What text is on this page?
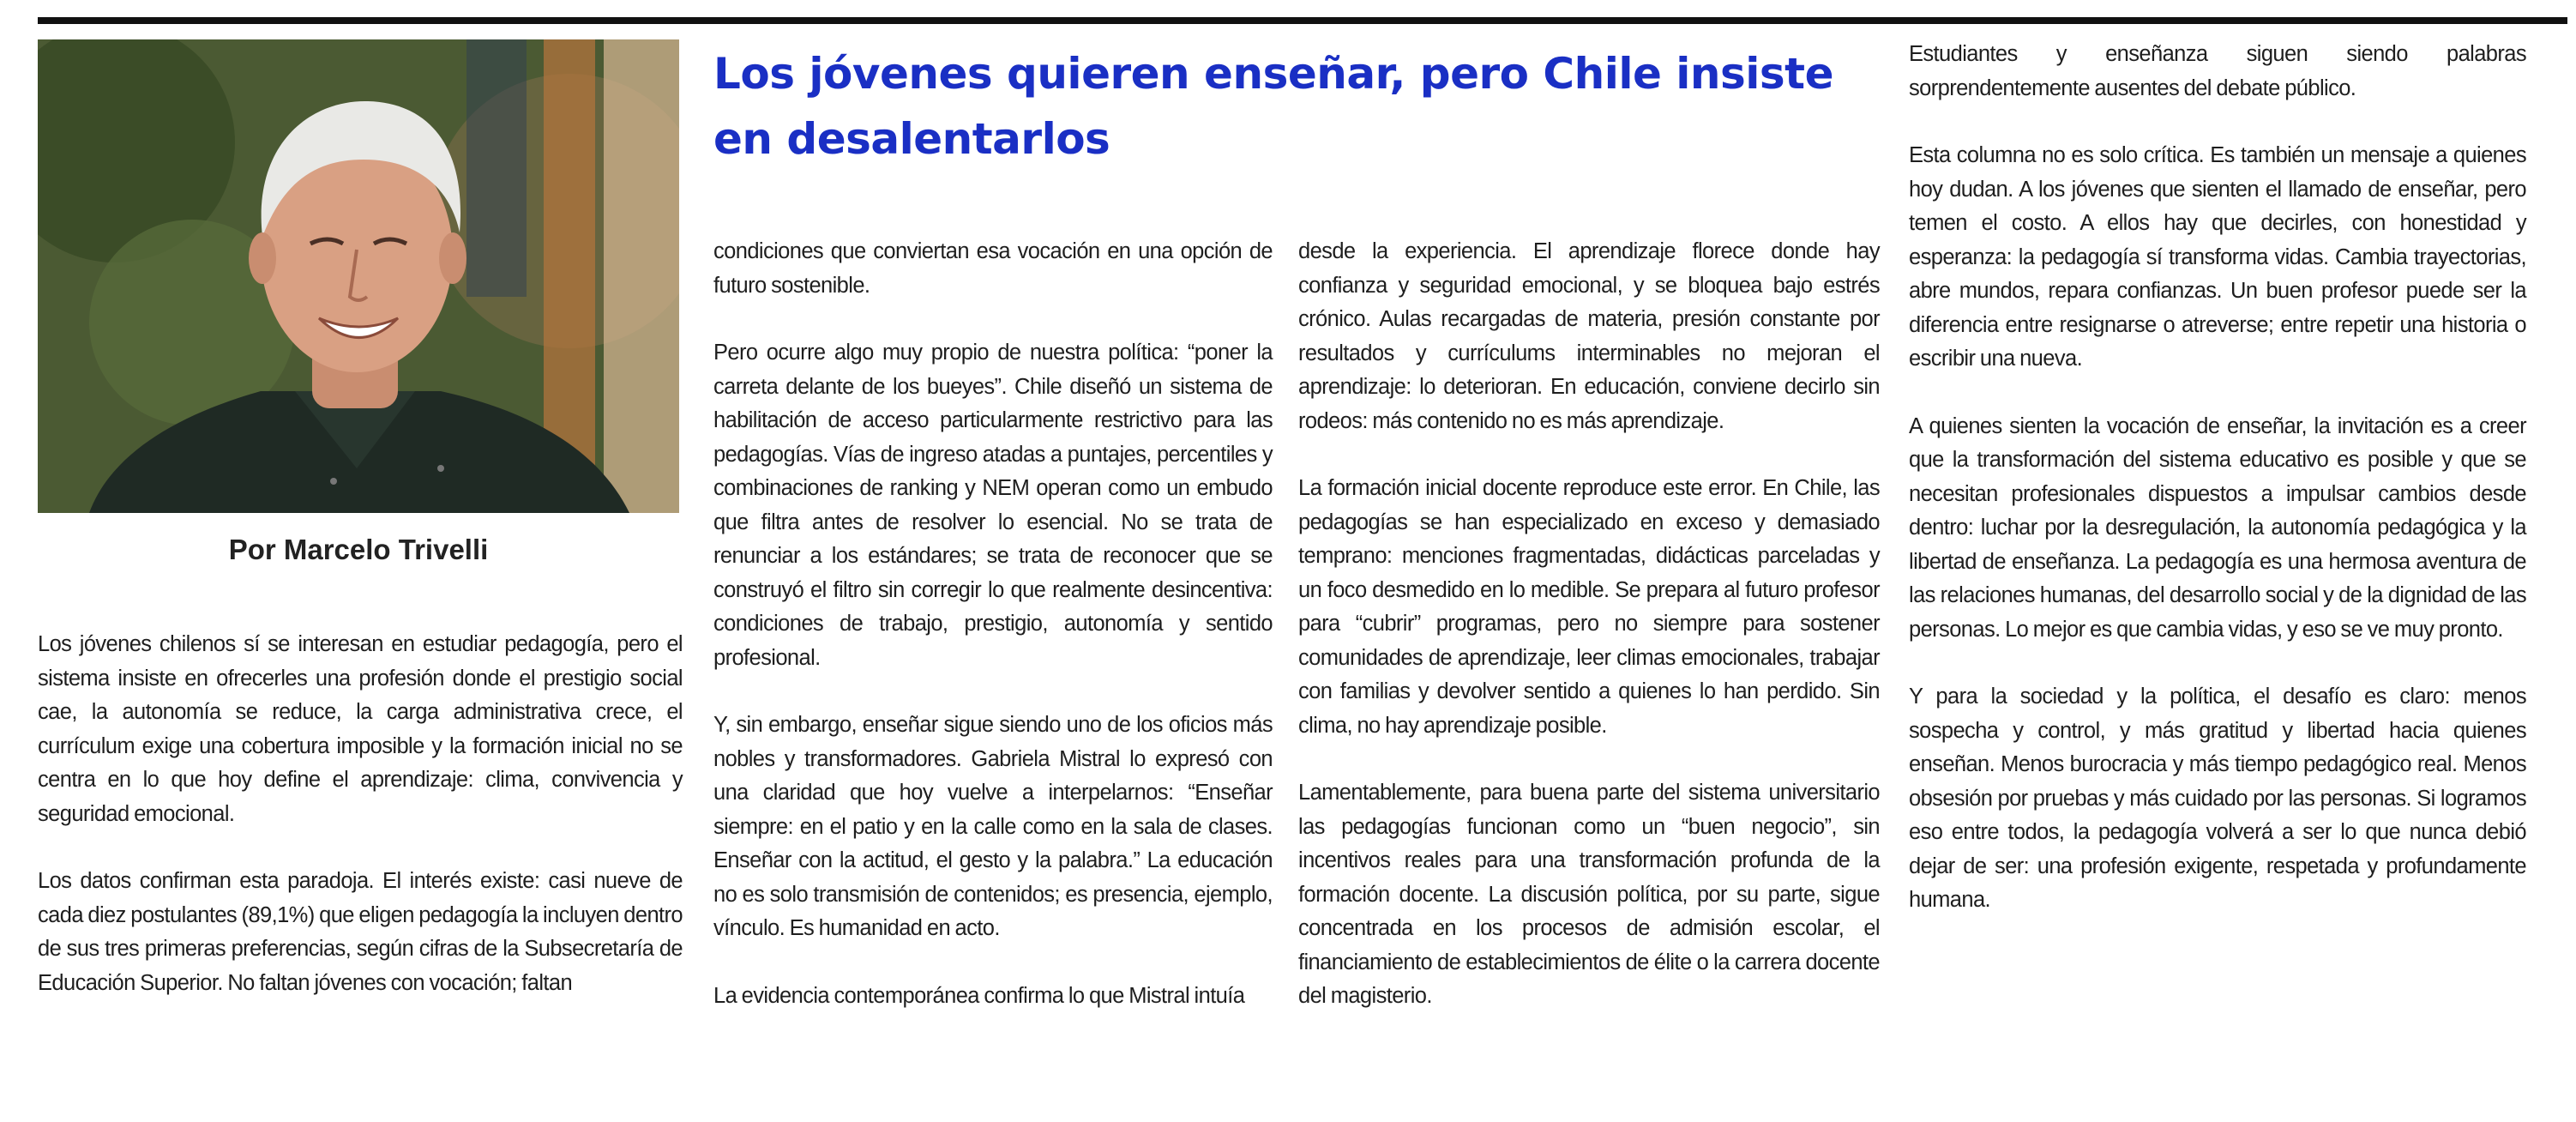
Por Marcelo Trivelli
Los jóvenes quieren enseñar, pero Chile insiste en desalentarlos

Los jóvenes chilenos sí se interesan en estudiar pedagogía, pero el sistema insiste en ofrecerles una profesión donde el prestigio social cae, la autonomía se reduce, la carga administrativa crece, el currículum exige una cobertura imposible y la formación inicial no se centra en lo que hoy define el aprendizaje: clima, convivencia y seguridad emocional.

Los datos confirman esta paradoja. El interés existe: casi nueve de cada diez postulantes (89,1%) que eligen pedagogía la incluyen dentro de sus tres primeras preferencias, según cifras de la Subsecretaría de Educación Superior. No faltan jóvenes con vocación; faltan

condiciones que conviertan esa vocación en una opción de futuro sostenible.

Pero ocurre algo muy propio de nuestra política: “poner la carreta delante de los bueyes”. Chile diseñó un sistema de habilitación de acceso particularmente restrictivo para las pedagogías. Vías de ingreso atadas a puntajes, percentiles y combinaciones de ranking y NEM operan como un embudo que filtra antes de resolver lo esencial. No se trata de renunciar a los estándares; se trata de reconocer que se construyó el filtro sin corregir lo que realmente desincentiva: condiciones de trabajo, prestigio, autonomía y sentido profesional.

Y, sin embargo, enseñar sigue siendo uno de los oficios más nobles y transformadores. Gabriela Mistral lo expresó con una claridad que hoy vuelve a interpelarnos: “Enseñar siempre: en el patio y en la calle como en la sala de clases. Enseñar con la actitud, el gesto y la palabra.” La educación no es solo transmisión de contenidos; es presencia, ejemplo, vínculo. Es humanidad en acto.

La evidencia contemporánea confirma lo que Mistral intuía

desde la experiencia. El aprendizaje florece donde hay confianza y seguridad emocional, y se bloquea bajo estrés crónico. Aulas recargadas de materia, presión constante por resultados y currículums interminables no mejoran el aprendizaje: lo deterioran. En educación, conviene decirlo sin rodeos: más contenido no es más aprendizaje.

La formación inicial docente reproduce este error. En Chile, las pedagogías se han especializado en exceso y demasiado temprano: menciones fragmentadas, didácticas parceladas y un foco desmedido en lo medible. Se prepara al futuro profesor para “cubrir” programas, pero no siempre para sostener comunidades de aprendizaje, leer climas emocionales, trabajar con familias y devolver sentido a quienes lo han perdido. Sin clima, no hay aprendizaje posible.

Lamentablemente, para buena parte del sistema universitario las pedagogías funcionan como un “buen negocio”, sin incentivos reales para una transformación profunda de la formación docente. La discusión política, por su parte, sigue concentrada en los procesos de admisión escolar, el financiamiento de establecimientos de élite o la carrera docente del magisterio.

Estudiantes y enseñanza siguen siendo palabras sorprendentemente ausentes del debate público.

Esta columna no es solo crítica. Es también un mensaje a quienes hoy dudan. A los jóvenes que sienten el llamado de enseñar, pero temen el costo. A ellos hay que decirles, con honestidad y esperanza: la pedagogía sí transforma vidas. Cambia trayectorias, abre mundos, repara confianzas. Un buen profesor puede ser la diferencia entre resignarse o atreverse; entre repetir una historia o escribir una nueva.

A quienes sienten la vocación de enseñar, la invitación es a creer que la transformación del sistema educativo es posible y que se necesitan profesionales dispuestos a impulsar cambios desde dentro: luchar por la desregulación, la autonomía pedagógica y la libertad de enseñanza. La pedagogía es una hermosa aventura de las relaciones humanas, del desarrollo social y de la dignidad de las personas. Lo mejor es que cambia vidas, y eso se ve muy pronto.

Y para la sociedad y la política, el desafío es claro: menos sospecha y control, y más gratitud y libertad hacia quienes enseñan. Menos burocracia y más tiempo pedagógico real. Menos obsesión por pruebas y más cuidado por las personas. Si logramos eso entre todos, la pedagogía volverá a ser lo que nunca debió dejar de ser: una profesión exigente, respetada y profundamente humana.
